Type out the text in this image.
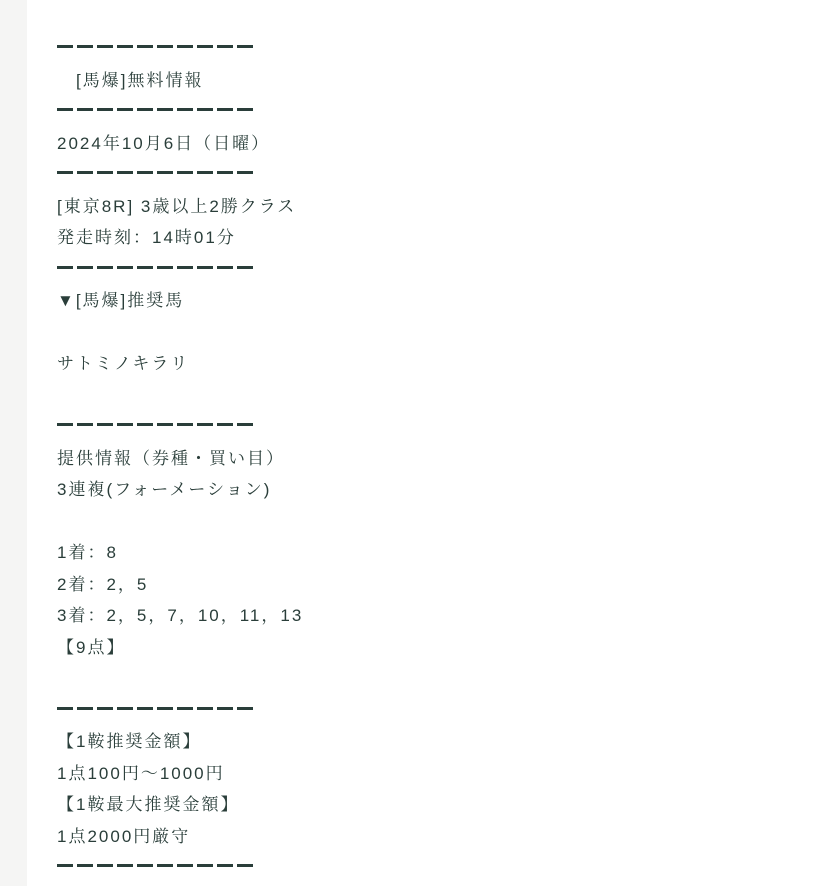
[馬爆]無料情報
2024年10月6日（日曜）
[東京8R] 3歳以上2勝クラス
発走時刻：14時01分
▼[馬爆]推奨馬
サトミノキラリ
提供情報（券種・買い目）
3連複(フォーメーション)
1着：8
2着：2，5
3着：2，5，7，10，11，13
【9点】
【1鞍推奨金額】
1点100円〜1000円
【1鞍最大推奨金額】
1点2000円厳守
